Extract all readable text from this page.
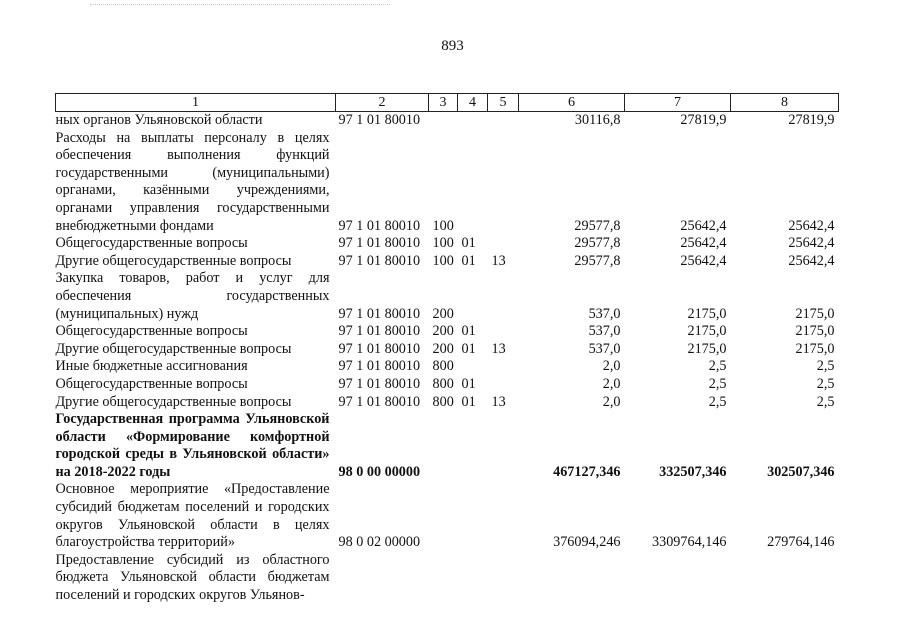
893
1	2	3	4	5	6	7	8
ных органов Ульяновской области	97 1 01 80010				30116,8	27819,9	27819,9
Расходы на выплаты персоналу в целях обеспечения выполнения функций государственными (муниципальными) органами, казёнными учреждениями, органами управления государственными внебюджетными фондами	97 1 01 80010	100			29577,8	25642,4	25642,4
Общегосударственные вопросы	97 1 01 80010	100	01		29577,8	25642,4	25642,4
Другие общегосударственные вопросы	97 1 01 80010	100	01	13	29577,8	25642,4	25642,4
Закупка товаров, работ и услуг для обеспечения государственных (муниципальных) нужд	97 1 01 80010	200			537,0	2175,0	2175,0
Общегосударственные вопросы	97 1 01 80010	200	01		537,0	2175,0	2175,0
Другие общегосударственные вопросы	97 1 01 80010	200	01	13	537,0	2175,0	2175,0
Иные бюджетные ассигнования	97 1 01 80010	800			2,0	2,5	2,5
Общегосударственные вопросы	97 1 01 80010	800	01		2,0	2,5	2,5
Другие общегосударственные вопросы	97 1 01 80010	800	01	13	2,0	2,5	2,5
Государственная программа Ульяновской области «Формирование комфортной городской среды в Ульяновской области» на 2018-2022 годы	98 0 00 00000				467127,346	332507,346	302507,346
Основное мероприятие «Предоставление субсидий бюджетам поселений и городских округов Ульяновской области в целях благоустройства территорий»	98 0 02 00000				376094,246	3309764,146	279764,146
Предоставление субсидий из областного бюджета Ульяновской области бюджетам поселений и городских округов Ульянов-							
